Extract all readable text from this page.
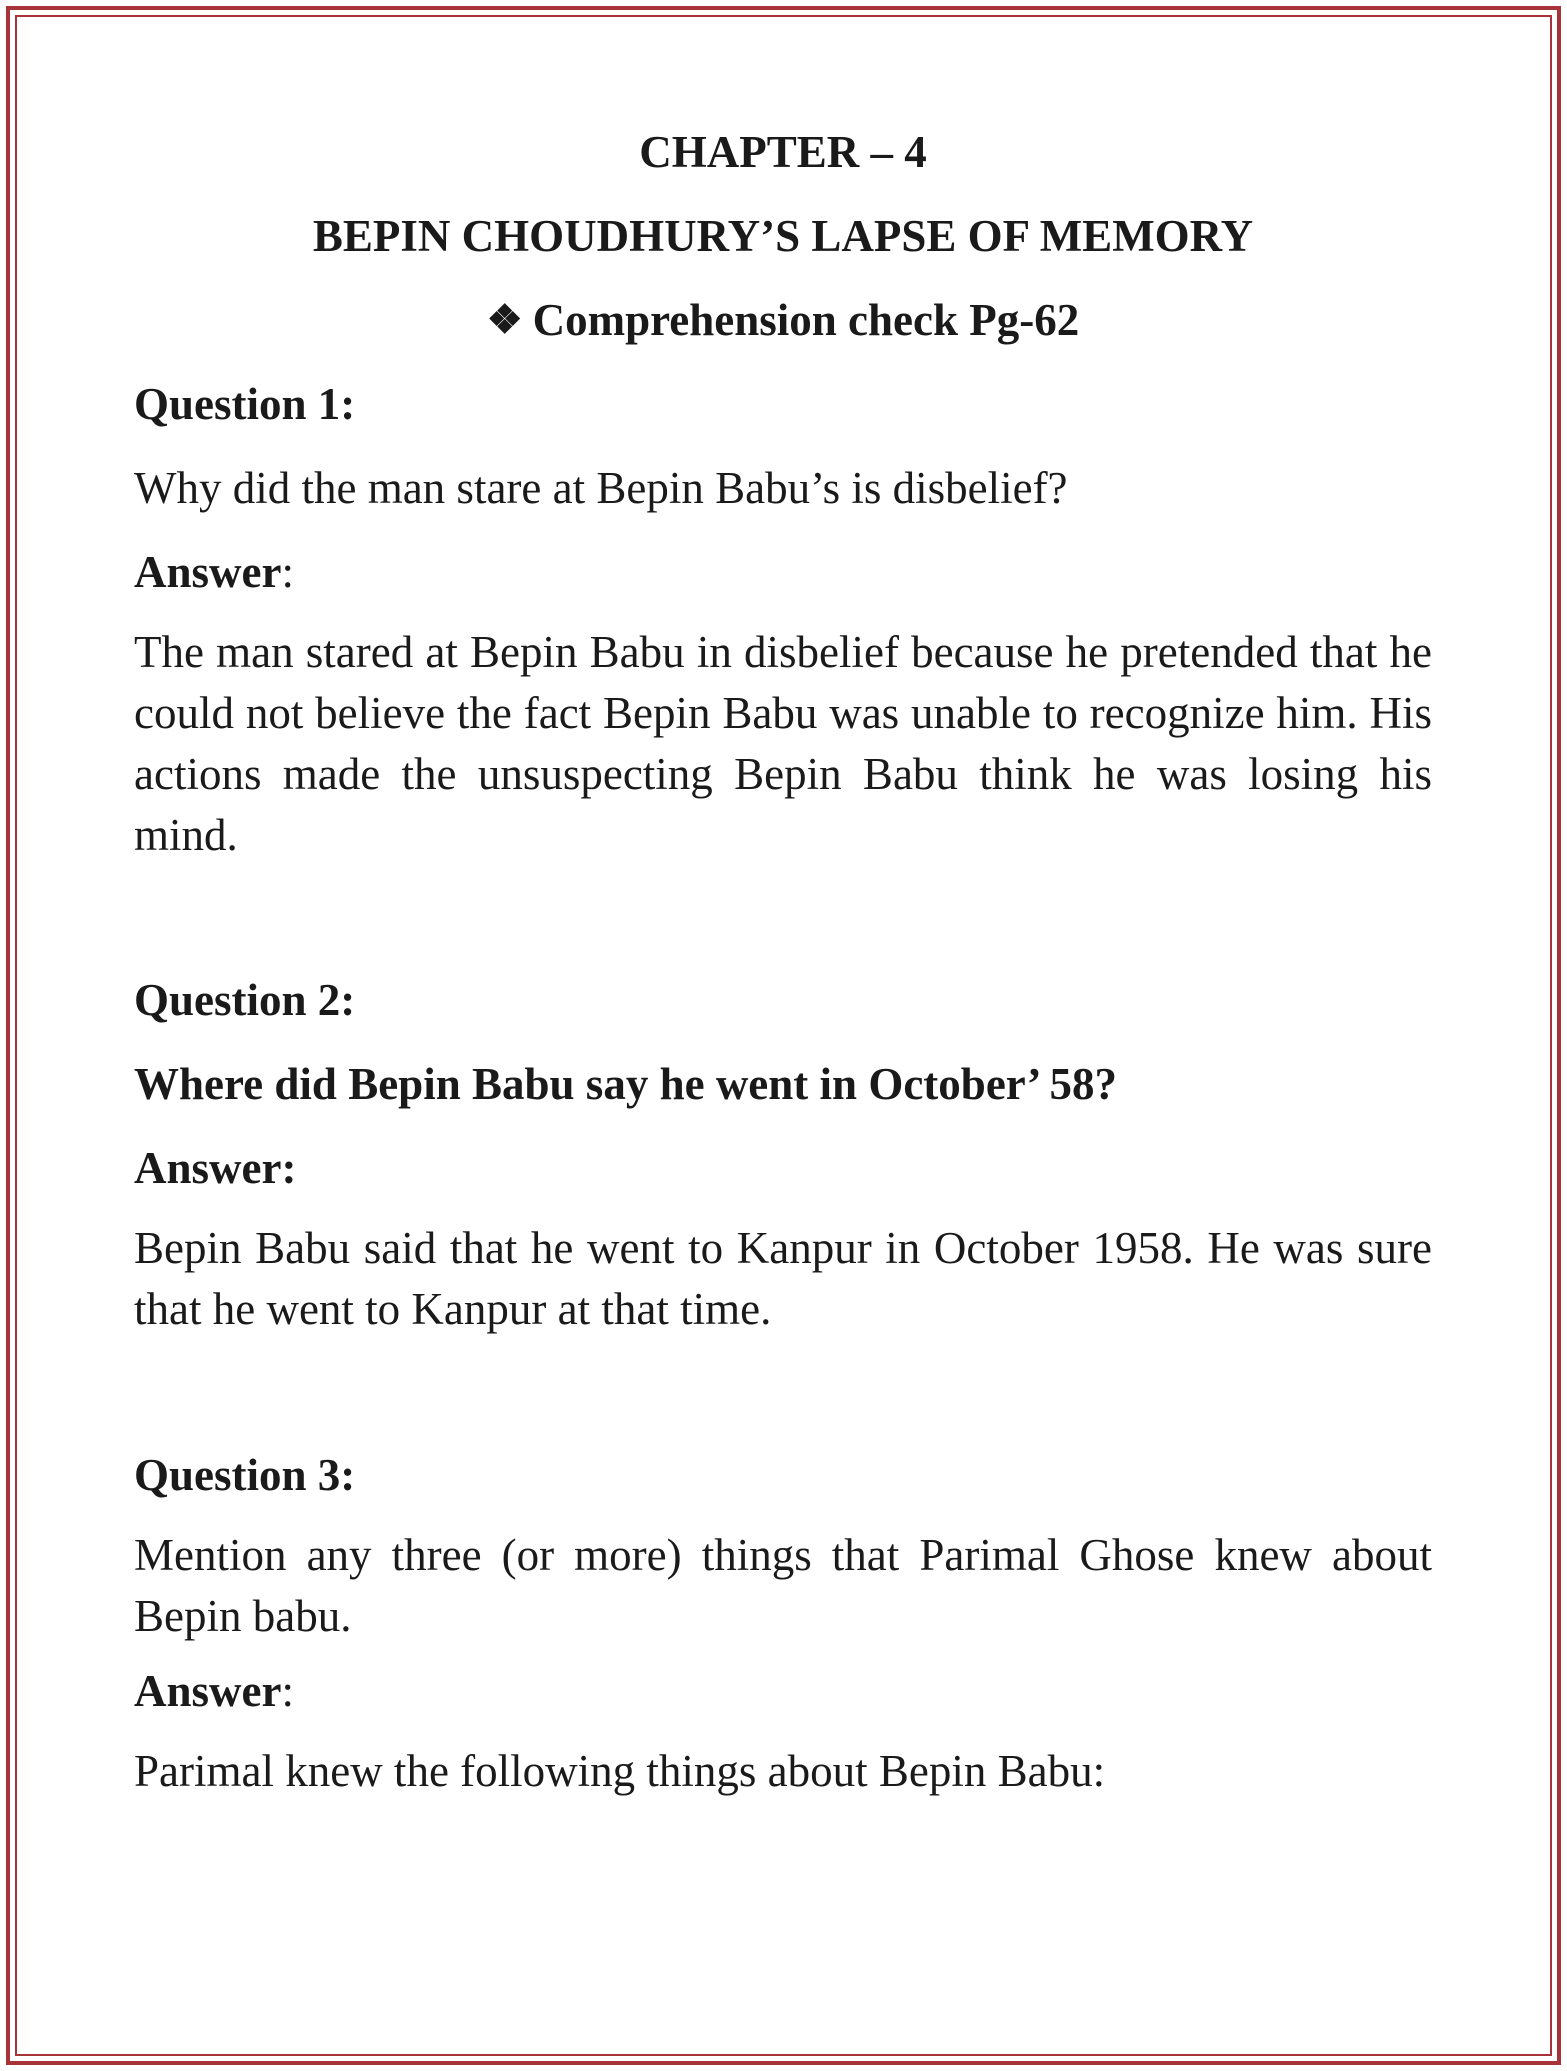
CHAPTER – 4
BEPIN CHOUDHURY’S LAPSE OF MEMORY
❖ Comprehension check Pg-62

Question 1:

Why did the man stare at Bepin Babu’s is disbelief?

Answer:

The man stared at Bepin Babu in disbelief because he pretended that he could not believe the fact Bepin Babu was unable to recognize him. His actions made the unsuspecting Bepin Babu think he was losing his mind.

Question 2:

Where did Bepin Babu say he went in October’ 58?

Answer:

Bepin Babu said that he went to Kanpur in October 1958. He was sure that he went to Kanpur at that time.

Question 3:

Mention any three (or more) things that Parimal Ghose knew about Bepin babu.

Answer:

Parimal knew the following things about Bepin Babu:
